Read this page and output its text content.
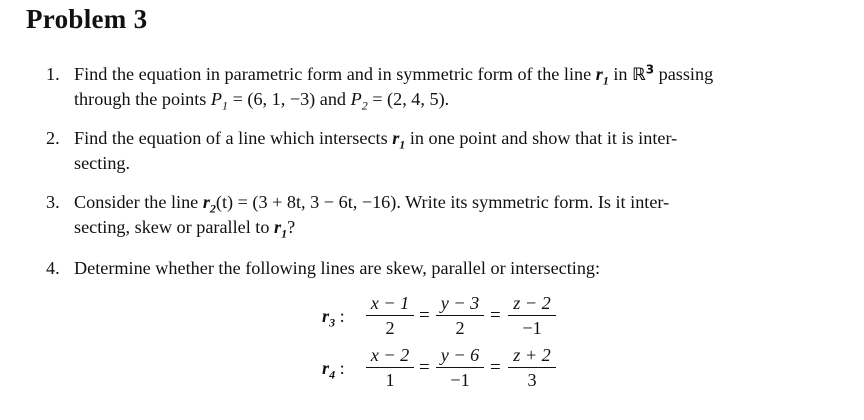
Problem 3
1. Find the equation in parametric form and in symmetric form of the line $r_1$ in ℝ$^3$ passing
through the points $P_1 = (6$, 1, −3) and $P_2 = (2$, 4, 5).
2. Find the equation of a line which intersects $r_1$ in one point and show that it is inter-
secting.
3. Consider the line $r_2(t) = (3 + 8t$, 3 − 6t, −16). Write its symmetric form. Is it inter-
secting, skew or parallel to $r_1$?
4. Determine whether the following lines are skew, parallel or intersecting:
$r_3$ :
x − 1
2
=
y − 3
2
=
z − 2
−1
$r_4$ :
x − 2
1
=
y − 6
−1
=
z + 2
3
